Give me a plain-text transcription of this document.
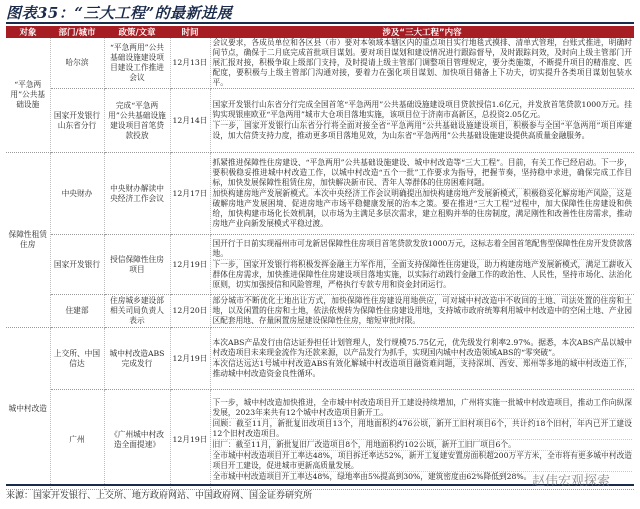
图表35：“三大工程”的最新进展
对象	部门/城市	政策/文章	时间	涉及“三大工程”内容
“平急两用”公共基础设施	哈尔滨	“平急两用”公共基础设施建设项目建设工作推进会议	12月13日	会议要求，各成员单位和各区县（市）要对本领域本辖区内的重点项目实行地毯式摸排、清单式管理，台账式推进，明确时间节点，确保于二月底完成首批项目谋划。要对项目谋划和建设情况进行跟踪督导，及时跟踪问效，及时向上级主管部门开展汇报对接，积极争取上级部门支持，及时提请上级主管部门调整项目管理规定，要分类施策，不断提升项目的精准度、匹配度，要积极与上级主管部门沟通对接，要着力在强化项目谋划、加快项目储备上下功夫，切实提升各类项目谋划包装水平。

	国家开发银行山东省分行	完成“平急两用”公共基础设施建设项目首笔贷款投放	12月14日	国家开发银行山东省分行完成全国首笔“平急两用”公共基础设施建设项目贷款授信1.6亿元，并发放首笔贷款1000万元。挂钩实现银座欧亚“平急两用”城市大仓项目落地实施，该项目位于济南市高新区，总投资2.05亿元。
下一步，国家开发银行山东省分行将全面对接全省“平急两用”公共基础设施建设项目，积极参与全国“平急两用”项目库建设，加大信贷支持力度，推动更多项目落地见效，为山东省“平急两用”公共基础设施建设提供高质量金融服务。

保障性租赁住房	中央财办	中央财办解读中央经济工作会议	12月17日	抓紧推进保障性住房建设、“平急两用”公共基础设施建设、城中村改造等“三大工程”。目前，有关工作已经启动。下一步，要积极稳妥推进城中村改造工作，以城中村改造“五个一批”工作要求为指导，把握节奏，坚持稳中求进，确保完成工作目标，加快发展保障性租赁住房，加快解决新市民、青年人等群体的住房困难问题。
加快构建房地产发展新模式。本次中央经济工作会议明确提出加快构建房地产发展新模式，积极稳妥化解房地产风险，这是破解房地产发展困境、促进房地产市场平稳健康发展的治本之策。要在推进“三大工程”过程中，加大保障性住房建设和供给，加快构建市场化长效机制，以市场为主满足多层次需求，建立租购并举的住房制度，满足刚性和改善性住房需求，推动房地产业向新发展模式平稳过渡。

	国家开发银行	授信保障性住房项目	12月19日	国开行于日前实现福州市可龙新居保障性住房项目首笔贷款发放1000万元，这标志着全国首笔配售型保障性住房开发贷款落地。
下一步，国家开发银行将积极发挥金融主力军作用，全面支持保障性住房建设，助力构建房地产发展新模式，满足工薪收入群体住房需求，加快推进保障性住房建设项目落地实施，以实际行动践行金融工作的政治性、人民性，坚持市场化、法治化原则，切实加强授信和风险管理，严格执行专款专用和资金封闭运行。

	住建部	住房城乡建设部相关司局负责人表示	12月20日	部分城市不断优化土地出让方式，加快保障性住房建设用地供应，可对城中村改造中不收回的土地、司法处置的住房和土地，以及闲置的住房和土地，依法依规转为保障性住房建设用地，支持城市政府统筹利用城中村改造中的空闲土地、产业园区配套用地、存量闲置房屋建设保障性住房，缩短审批时限。

城中村改造	上交所、中国信达	城中村改造ABS完成发行	12月19日	本次ABS产品发行由信达证券担任计划管理人，发行规模75.75亿元，优先级发行利率2.97%。据悉，本次ABS产品以城中村改造项目未来现金流作为还款来源，以产品发行为抓手，实现国内城中村改造领域ABS的“零突破”。
本次信达远达1号城中村改造ABS有效化解城中村改造项目融资难问题，支持深圳、西安、郑州等多地的城中村改造工作，推动城中村改造资金良性循环。

	广州	《广州城中村改造全面提速》	12月19日	下一步，城中村改造加快推进，全市城中村改造项目开工建设持续增加，广州将实施一批城中村改造项目，推动工作向纵深发展，2023年来共有12个城中村改造项目新开工。
回顾：截至11月，新批复旧改项目13个，用地面积约476公顷，新开工旧村项目6个，共计约18个旧村，年内已开工建设12个旧村改造项目。
旧厂：截至11月，新批复旧厂改造项目8个，用地面积约102公顷，新开工旧厂项目6个。
全市城中村改造项目开工率达48%，项目拆迁率达52%，新开工复建安置房面积超200万平方米，全市将有更多城中村改造项目开工建设，促进城市更新高质量发展。
全市城中村改造项目开工率达48%，绿地率由5%提高到30%，建筑密度由62%降低到28%。 赵伟宏观探索
来源：国家开发银行、上交所、地方政府网站、中国政府网、国金证券研究所
